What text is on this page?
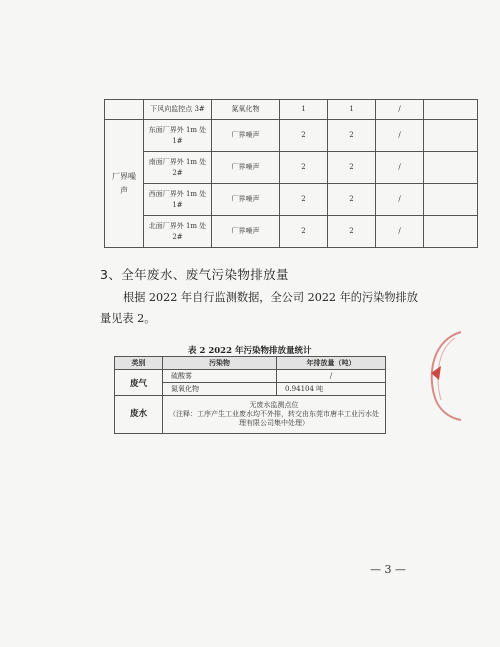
	下风向监控点 3#	氮氧化物	1	1	/	
厂界噪声	东面厂界外 1m 处 1#	厂界噪声	2	2	/	
	南面厂界外 1m 处 2#	厂界噪声	2	2	/	
	西面厂界外 1m 处 1#	厂界噪声	2	2	/	
	北面厂界外 1m 处 2#	厂界噪声	2	2	/	
3、全年废水、废气污染物排放量
根据 2022 年自行监测数据，全公司 2022 年的污染物排放量见表 2。
表 2 2022 年污染物排放量统计
类别	污染物	年排放量（吨）
废气	硫酸雾	/
	氮氧化物	0.94104 吨
废水	无废水监测点位
（注释：工序产生工业废水均不外排，转交由东莞市唐丰工业污水处理有限公司集中处理）	
— 3 —
